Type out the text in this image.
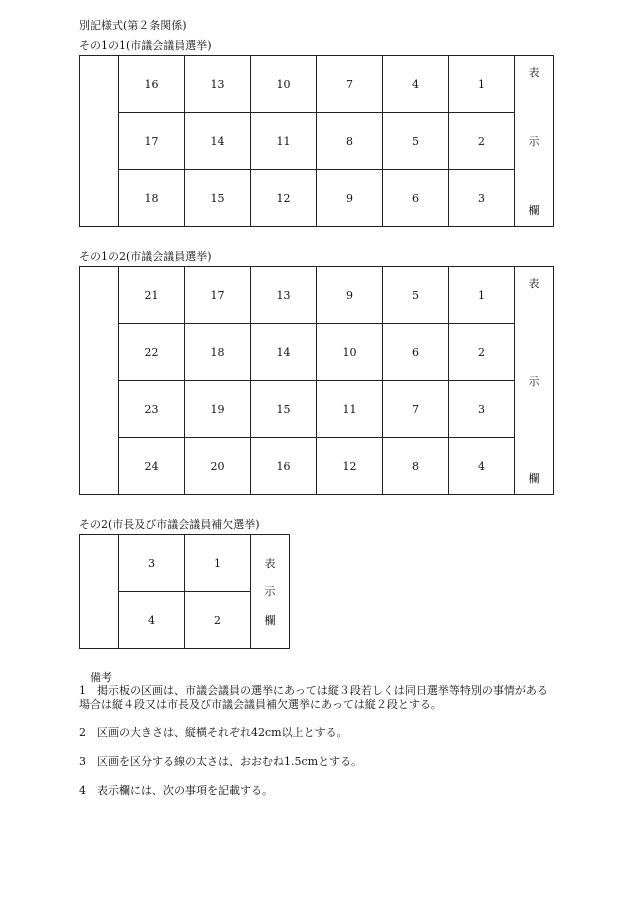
別記様式(第２条関係)
その1の1(市議会議員選挙)
	16	13	10	7	4	1	表
示
欄

	17	14	11	8	5	2	
	18	15	12	9	6	3	
その1の2(市議会議員選挙)
	21	17	13	9	5	1	表
示
欄

	22	18	14	10	6	2	
	23	19	15	11	7	3	
	24	20	16	12	8	4	
その2(市長及び市議会議員補欠選挙)
	3	1	表
示
欄

	4	2	
備考
1　掲示板の区画は、市議会議員の選挙にあっては縦３段若しくは同日選挙等特別の事情がある
場合は縦４段又は市長及び市議会議員補欠選挙にあっては縦２段とする。
2　区画の大きさは、縦横それぞれ42cm以上とする。
3　区画を区分する線の太さは、おおむね1.5cmとする。
4　表示欄には、次の事項を記載する。
